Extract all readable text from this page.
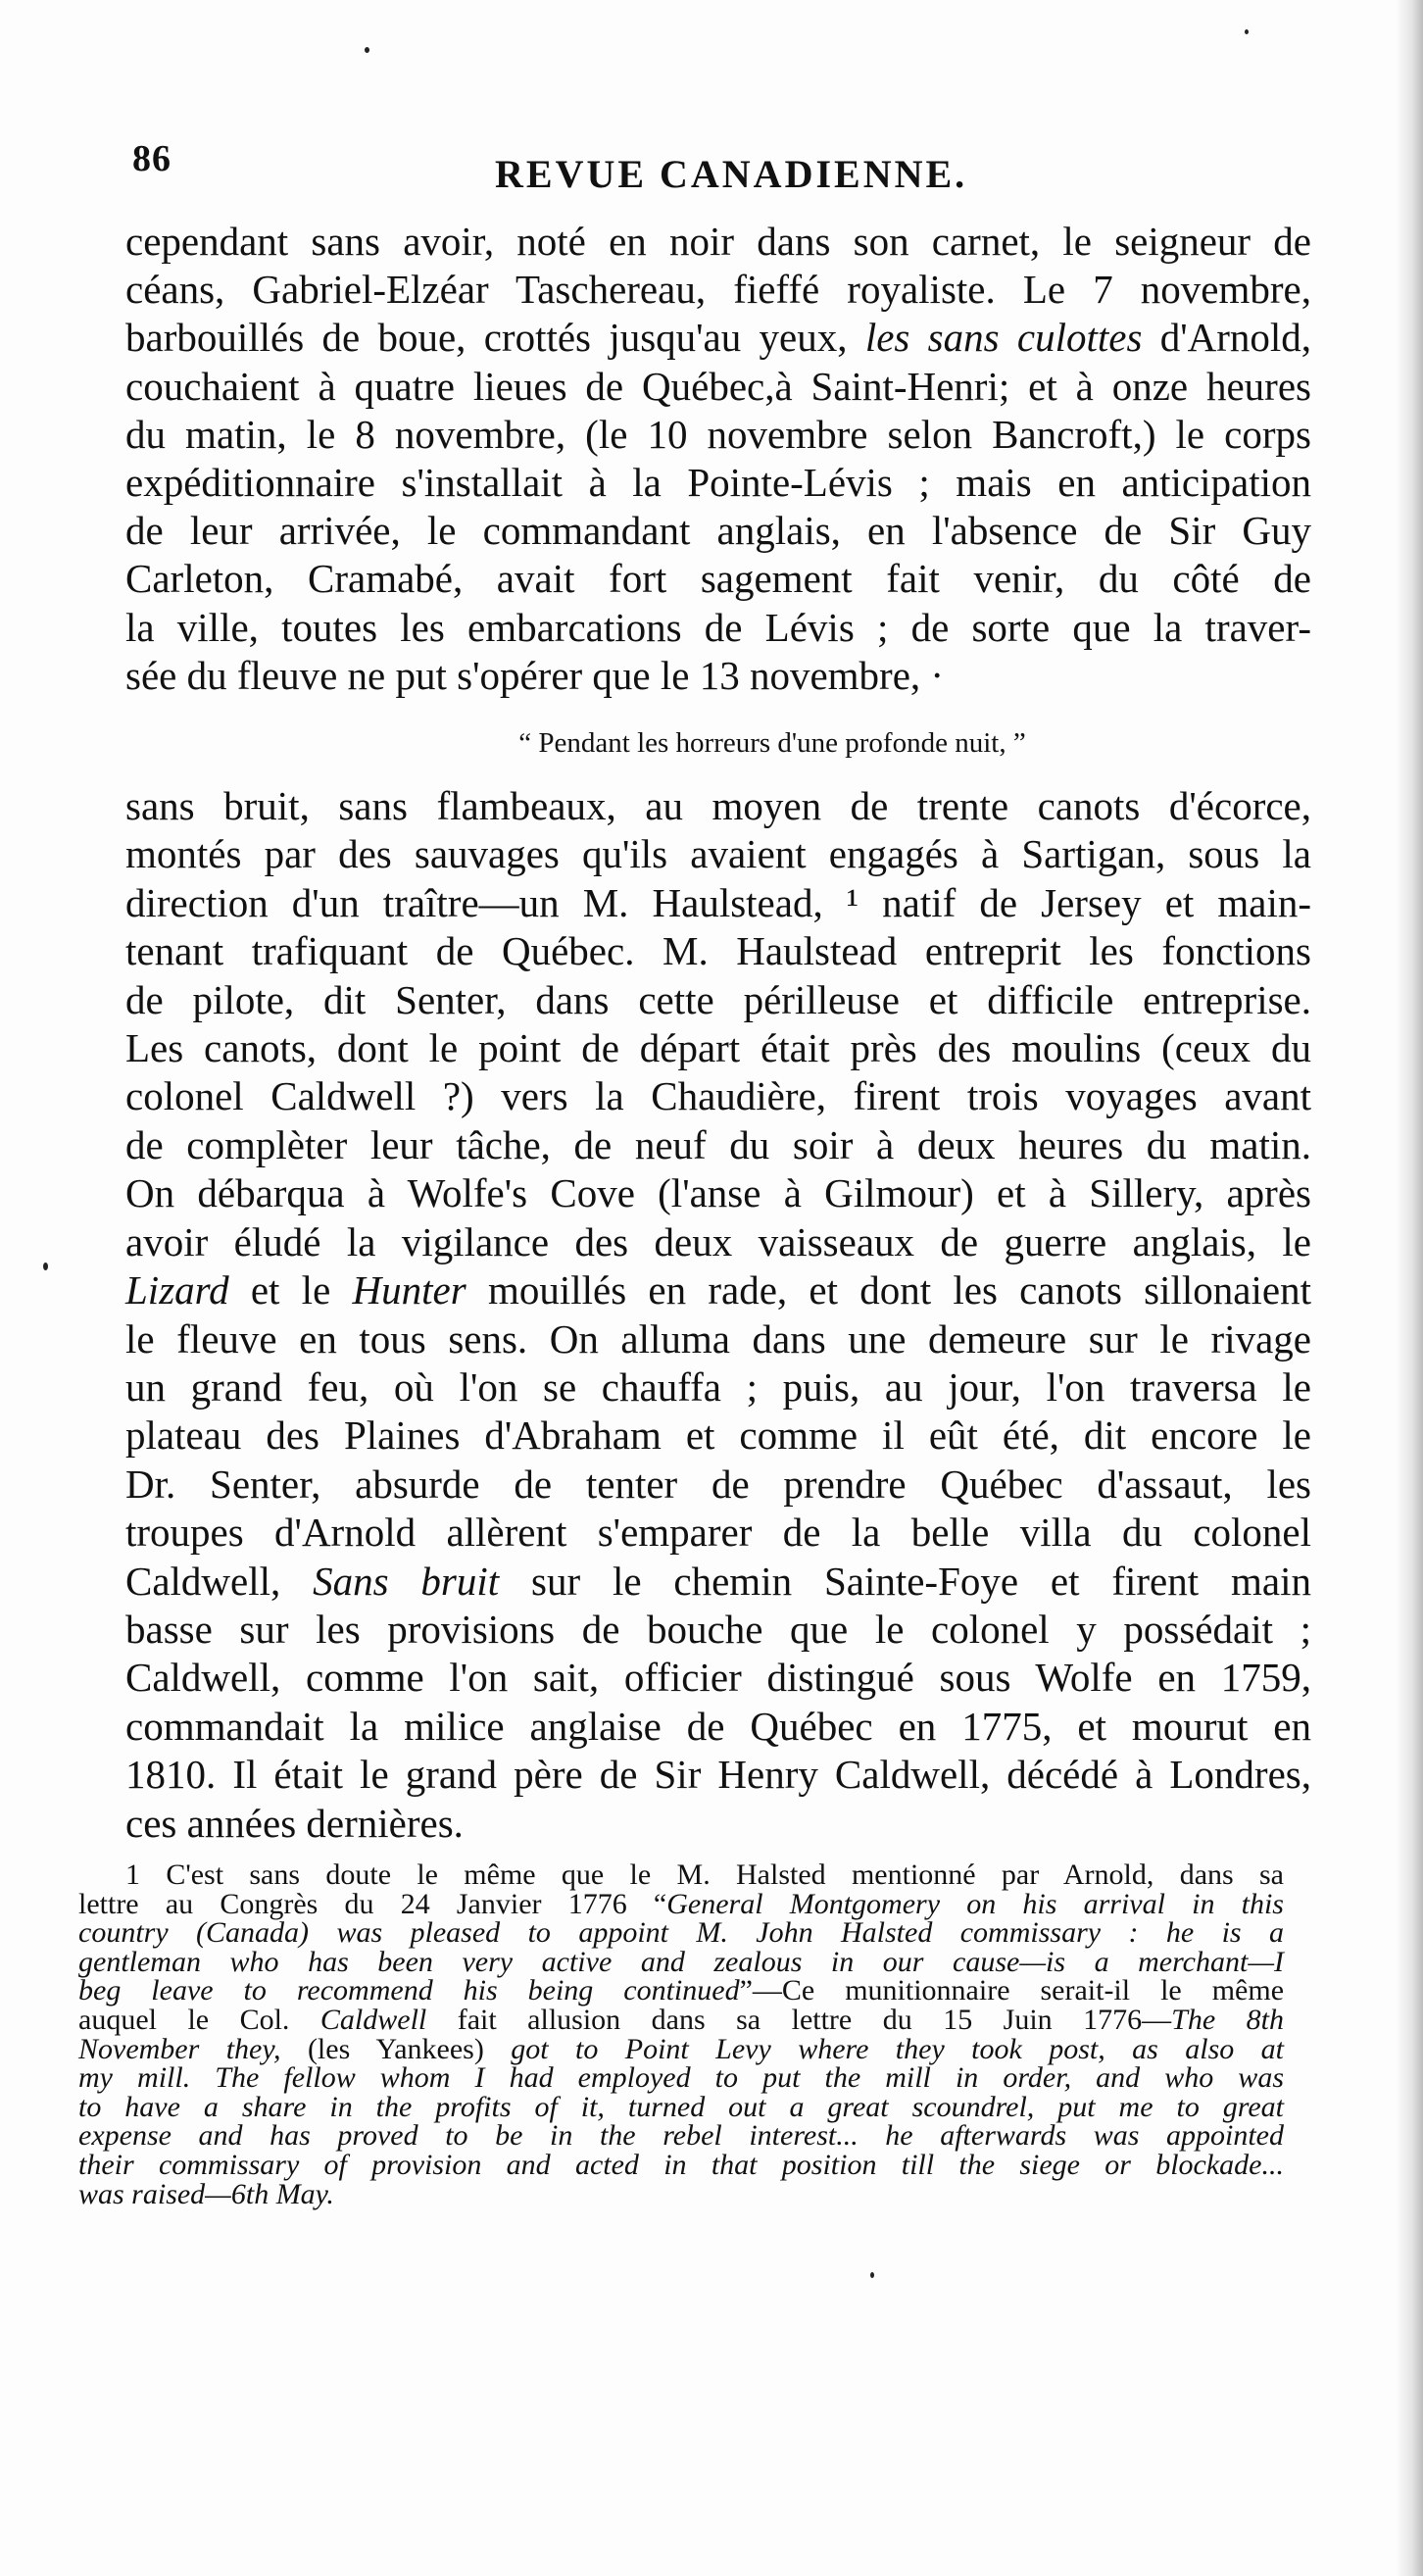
86	REVUE CANADIENNE.

cependant sans avoir, noté en noir dans son carnet, le seigneur de
céans, Gabriel-Elzéar Taschereau, fieffé royaliste. Le 7 novembre,
barbouillés de boue, crottés jusqu'au yeux, les sans culottes d'Arnold,
couchaient à quatre lieues de Québec,à Saint-Henri; et à onze heures
du matin, le 8 novembre, (le 10 novembre selon Bancroft,) le corps
expéditionnaire s'installait à la Pointe-Lévis ; mais en anticipation
de leur arrivée, le commandant anglais, en l'absence de Sir Guy
Carleton, Cramabé, avait fort sagement fait venir, du côté de
la ville, toutes les embarcations de Lévis ; de sorte que la traver-
sée du fleuve ne put s'opérer que le 13 novembre, ·

“ Pendant les horreurs d'une profonde nuit, ”

sans bruit, sans flambeaux, au moyen de trente canots d'écorce,
montés par des sauvages qu'ils avaient engagés à Sartigan, sous la
direction d'un traître—un M. Haulstead, ¹ natif de Jersey et main-
tenant trafiquant de Québec. M. Haulstead entreprit les fonctions
de pilote, dit Senter, dans cette périlleuse et difficile entreprise.
Les canots, dont le point de départ était près des moulins (ceux du
colonel Caldwell ?) vers la Chaudière, firent trois voyages avant
de complèter leur tâche, de neuf du soir à deux heures du matin.
On débarqua à Wolfe's Cove (l'anse à Gilmour) et à Sillery, après
avoir éludé la vigilance des deux vaisseaux de guerre anglais, le
Lizard et le Hunter mouillés en rade, et dont les canots sillonaient
le fleuve en tous sens. On alluma dans une demeure sur le rivage
un grand feu, où l'on se chauffa ; puis, au jour, l'on traversa le
plateau des Plaines d'Abraham et comme il eût été, dit encore le
Dr. Senter, absurde de tenter de prendre Québec d'assaut, les
troupes d'Arnold allèrent s'emparer de la belle villa du colonel
Caldwell, Sans bruit sur le chemin Sainte-Foye et firent main
basse sur les provisions de bouche que le colonel y possédait ;
Caldwell, comme l'on sait, officier distingué sous Wolfe en 1759,
commandait la milice anglaise de Québec en 1775, et mourut en
1810. Il était le grand père de Sir Henry Caldwell, décédé à Londres,
ces années dernières.

1 C'est sans doute le même que le M. Halsted mentionné par Arnold, dans sa
lettre au Congrès du 24 Janvier 1776 “General Montgomery on his arrival in this
country (Canada) was pleased to appoint M. John Halsted commissary : he is a
gentleman who has been very active and zealous in our cause—is a merchant—I
beg leave to recommend his being continued”—Ce munitionnaire serait-il le même
auquel le Col. Caldwell fait allusion dans sa lettre du 15 Juin 1776—The 8th
November they, (les Yankees) got to Point Levy where they took post, as also at
my mill. The fellow whom I had employed to put the mill in order, and who was
to have a share in the profits of it, turned out a great scoundrel, put me to great
expense and has proved to be in the rebel interest... he afterwards was appointed
their commissary of provision and acted in that position till the siege or blockade...
was raised—6th May.
